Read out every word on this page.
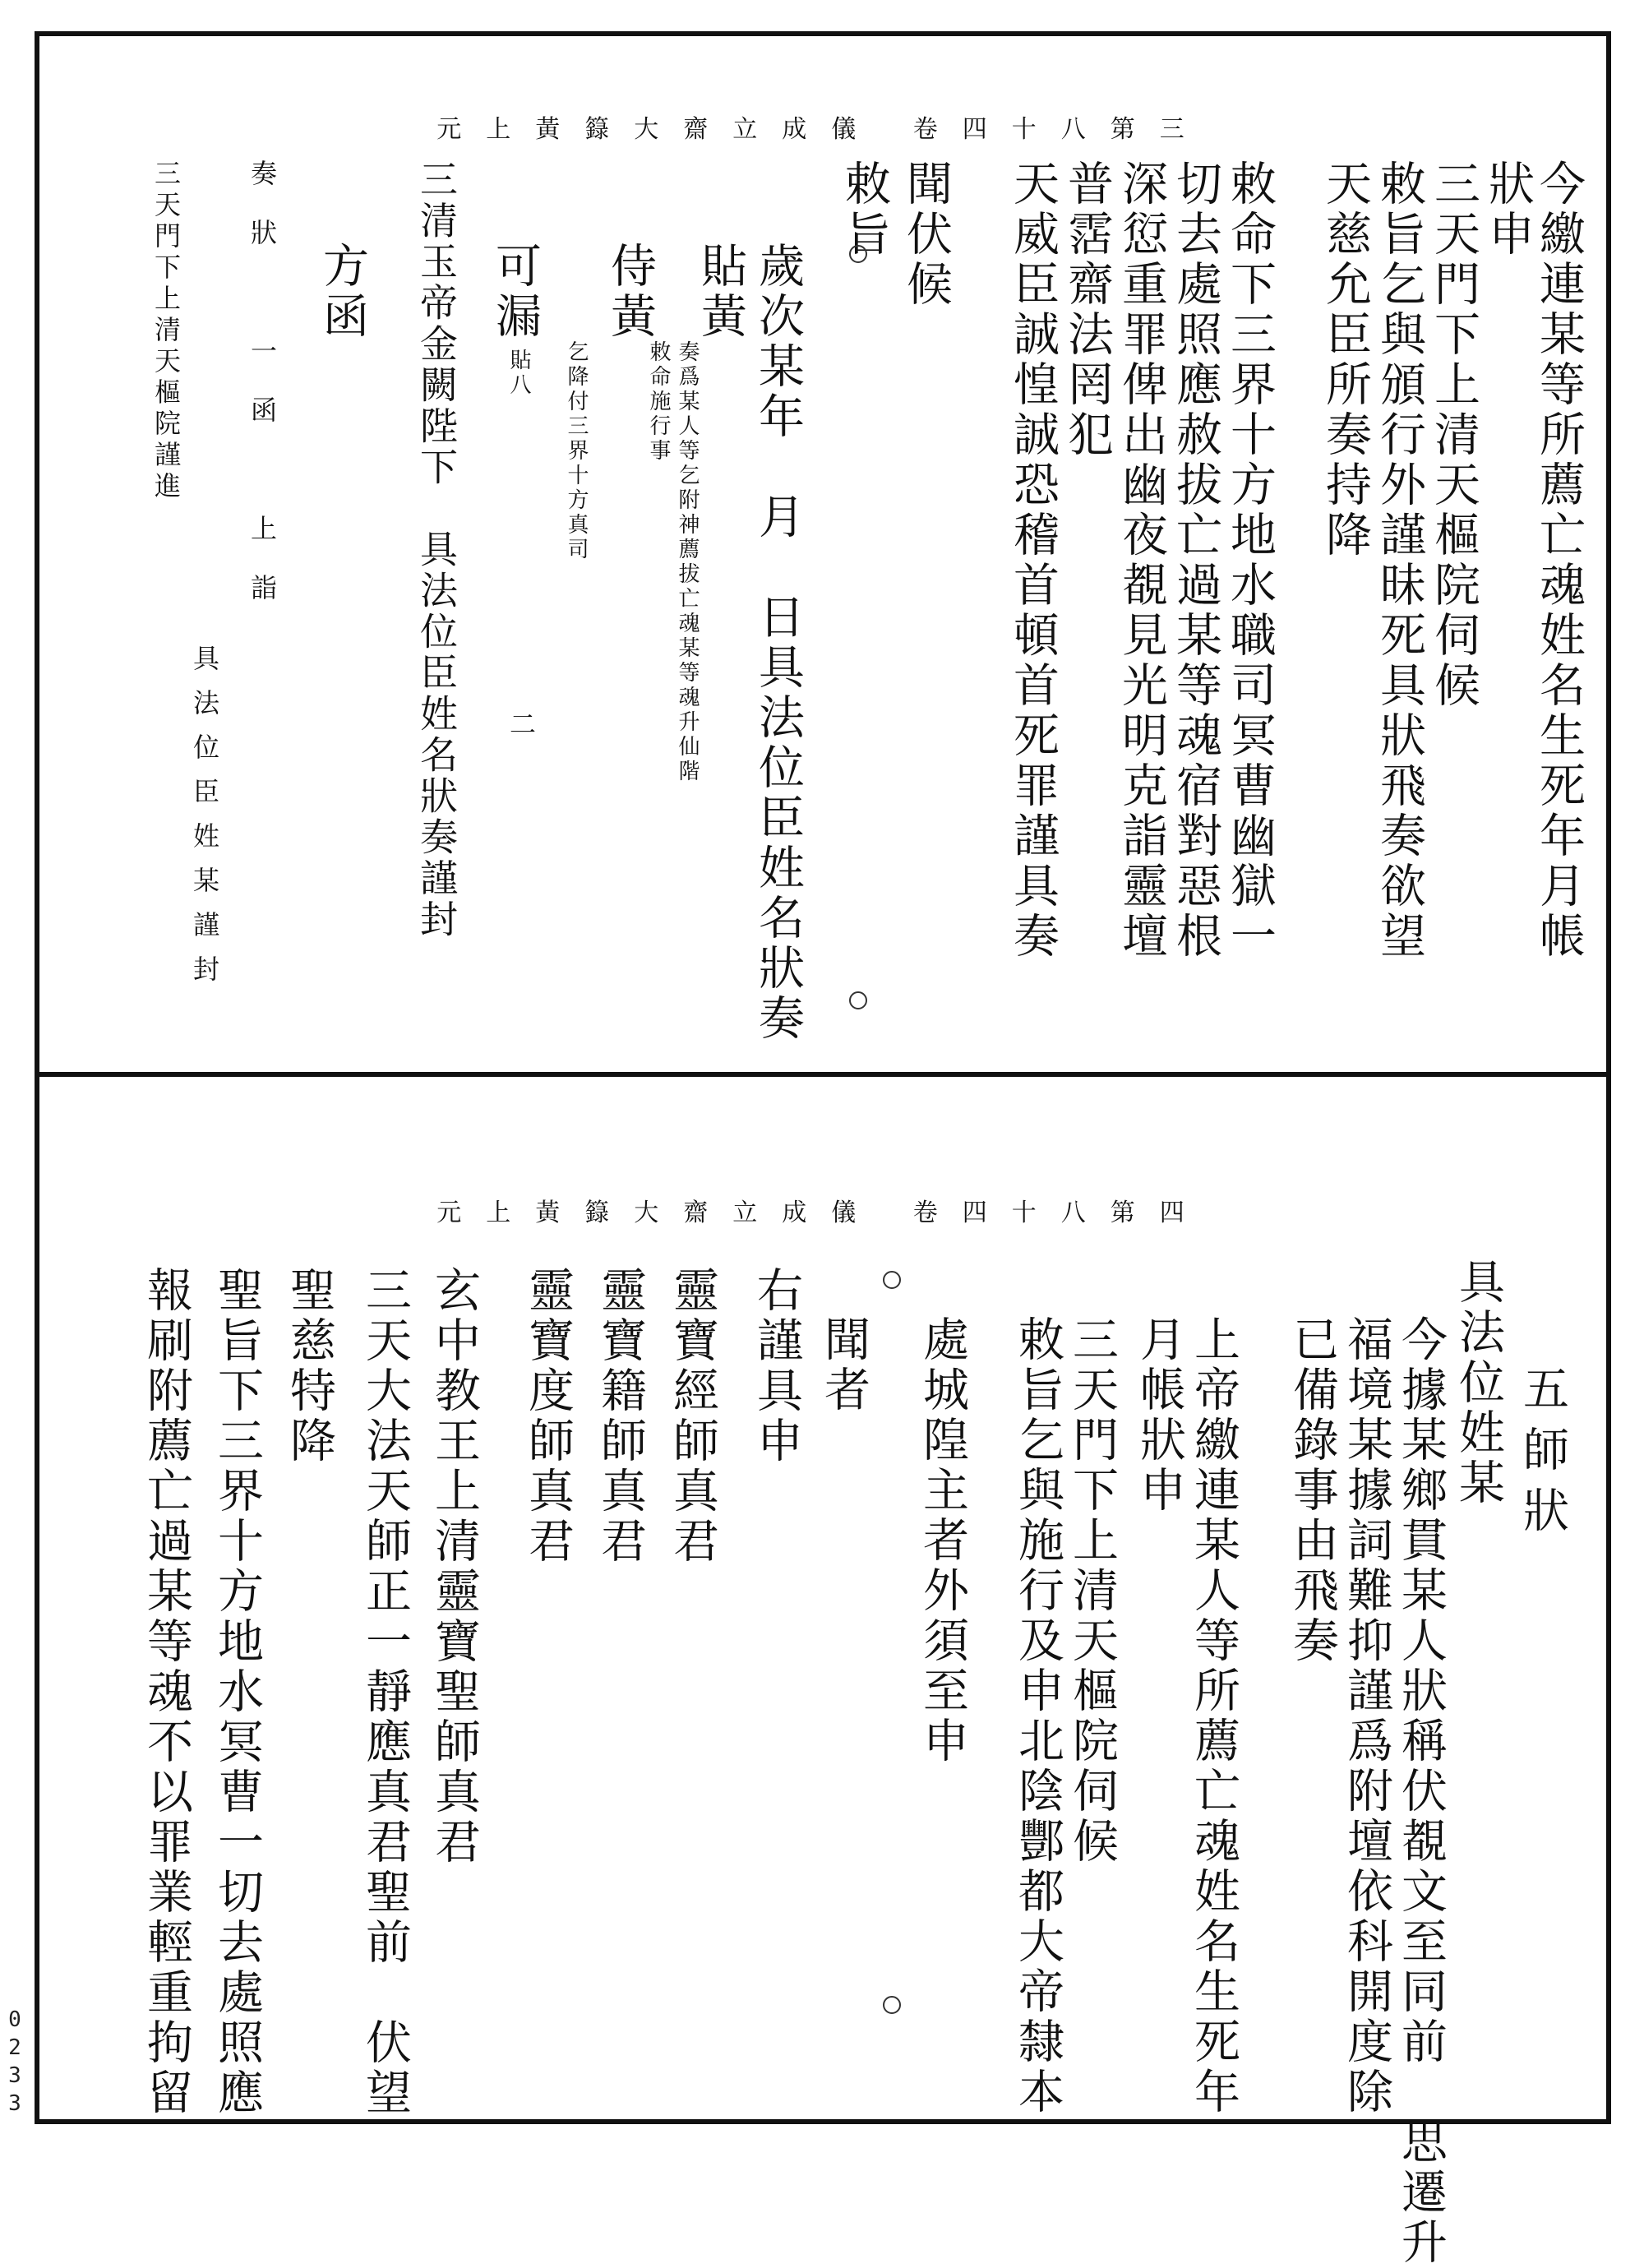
元上黃籙大齋立成儀 卷四十八第三
今繳連某等所薦亡魂姓名生死年月帳
狀申
三天門下上清天樞院伺候
敕旨乞與頒行外謹昧死具狀飛奏欲望
天慈允臣所奏持降
敕命下三界十方地水職司冥曹幽獄一
切去處照應赦拔亡過某等魂宿對惡根
深愆重罪俾出幽夜覩見光明克詣靈壇
普霑齋法罔犯
天威臣誠惶誠恐稽首頓首死罪謹具奏
聞伏候
敕旨
歲次某年　月　日具法位臣姓名狀奏
貼黃
奏爲某人等乞附神薦拔亡魂某等魂升仙階
敕命施行事
侍黃
乞降付三界十方真司
貼八
二
可漏
三清玉帝金闕陛下　具法位臣姓名狀奏謹封
方函
奏狀　一函　上詣
三天門下上清天樞院謹進
具法位臣姓某謹封
元上黃籙大齋立成儀 卷四十八第四
五師狀
具法位姓某
今據某鄉貫某人狀稱伏覩文至同前　思遷升
福境某據詞難抑謹爲附壇依科開度除
已備錄事由飛奏
上帝繳連某人等所薦亡魂姓名生死年
月帳狀申
三天門下上清天樞院伺候
敕旨乞與施行及申北陰酆都大帝隸本
處城隍主者外須至申
聞者
右謹具申
靈寶經師真君
靈寶籍師真君
靈寶度師真君
玄中教王上清靈寶聖師真君
三天大法天師正一靜應真君聖前　伏望
聖慈特降
聖旨下三界十方地水冥曹一切去處照應
報刷附薦亡過某等魂不以罪業輕重拘留
0233
